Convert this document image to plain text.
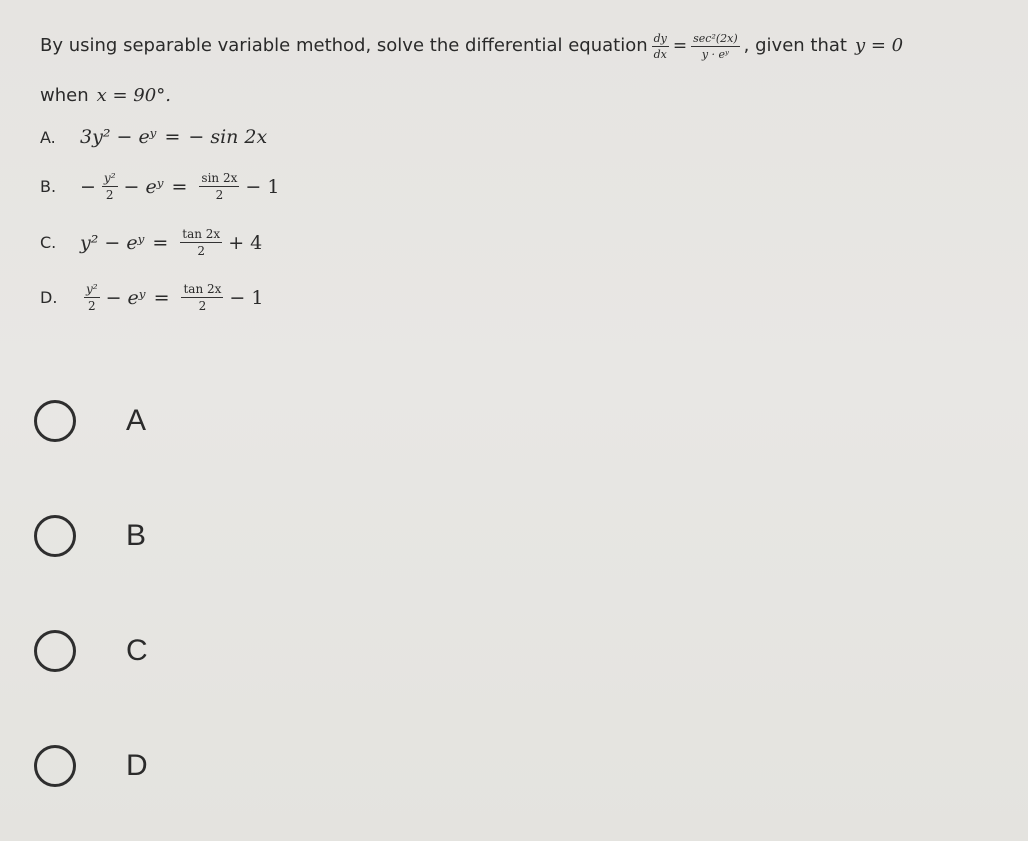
By using separable variable method, solve the differential equation $\frac{dy}{dx} = \frac{\text{sec²(2x)}}{\text{y · eʸ}}$ , given that y = 0
when x = 90°.
A.	3y² − eʸ = − sin 2x
B.	− $\frac{\text{y²}}{2}$ − eʸ = $\frac{\sin 2x}{2} - 1$
C.	y² − eʸ = $\frac{\tan 2x}{2} + 4$
D.	$\frac{\text{y²}}{2}$ − eʸ = $\frac{\tan 2x}{2} - 1$
A
B
C
D
